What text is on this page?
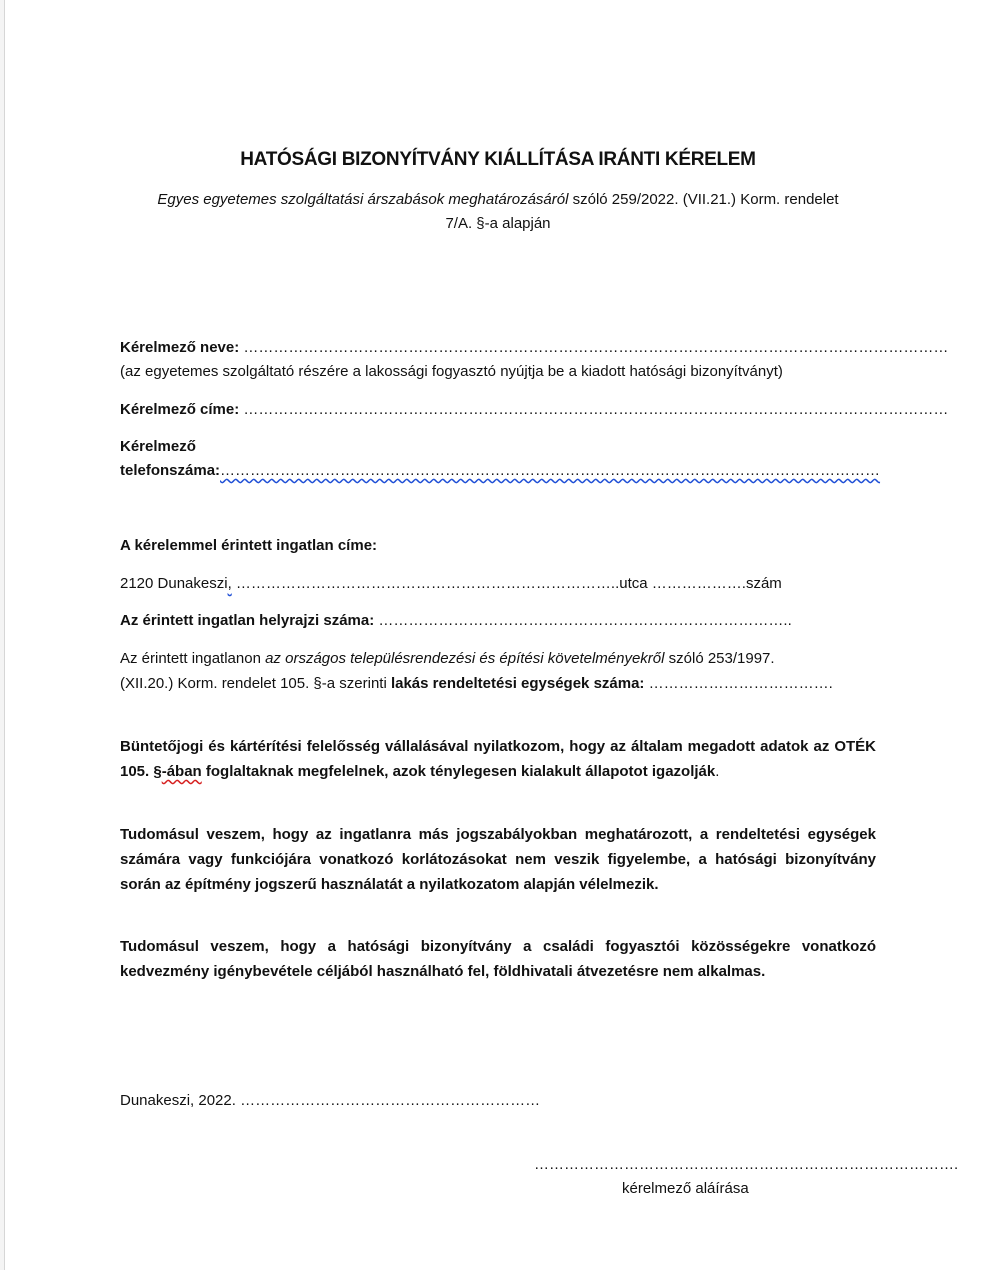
HATÓSÁGI BIZONYÍTVÁNY KIÁLLÍTÁSA IRÁNTI KÉRELEM
Egyes egyetemes szolgáltatási árszabások meghatározásáról szóló 259/2022. (VII.21.) Korm. rendelet
7/A. §-a alapján
Kérelmező neve: ……………………………………………………………………………………………………………………………
(az egyetemes szolgáltató részére a lakossági fogyasztó nyújtja be a kiadott hatósági bizonyítványt)
Kérelmező címe: ……………………………………………………………………………………………………………………………
Kérelmező
telefonszáma:……………………………………………………………………………………………………………………
A kérelemmel érintett ingatlan címe:
2120 Dunakeszi, …………………………………………………………………..utca ……………….szám
Az érintett ingatlan helyrajzi száma: ………………………………………………………………………..
Az érintett ingatlanon az országos településrendezési és építési követelményekről szóló 253/1997.
(XII.20.) Korm. rendelet 105. §-a szerinti lakás rendeltetési egységek száma: ……………………………….
Büntetőjogi és kártérítési felelősség vállalásával nyilatkozom, hogy az általam megadott adatok az OTÉK 105. §-ában foglaltaknak megfelelnek, azok ténylegesen kialakult állapotot igazolják.
Tudomásul veszem, hogy az ingatlanra más jogszabályokban meghatározott, a rendeltetési egységek számára vagy funkciójára vonatkozó korlátozásokat nem veszik figyelembe, a hatósági bizonyítvány során az építmény jogszerű használatát a nyilatkozatom alapján vélelmezik.
Tudomásul veszem, hogy a hatósági bizonyítvány a családi fogyasztói közösségekre vonatkozó kedvezmény igénybevétele céljából használható fel, földhivatali átvezetésre nem alkalmas.
Dunakeszi, 2022. ……………………………………………………
………………………………………………………………………….
kérelmező aláírása
